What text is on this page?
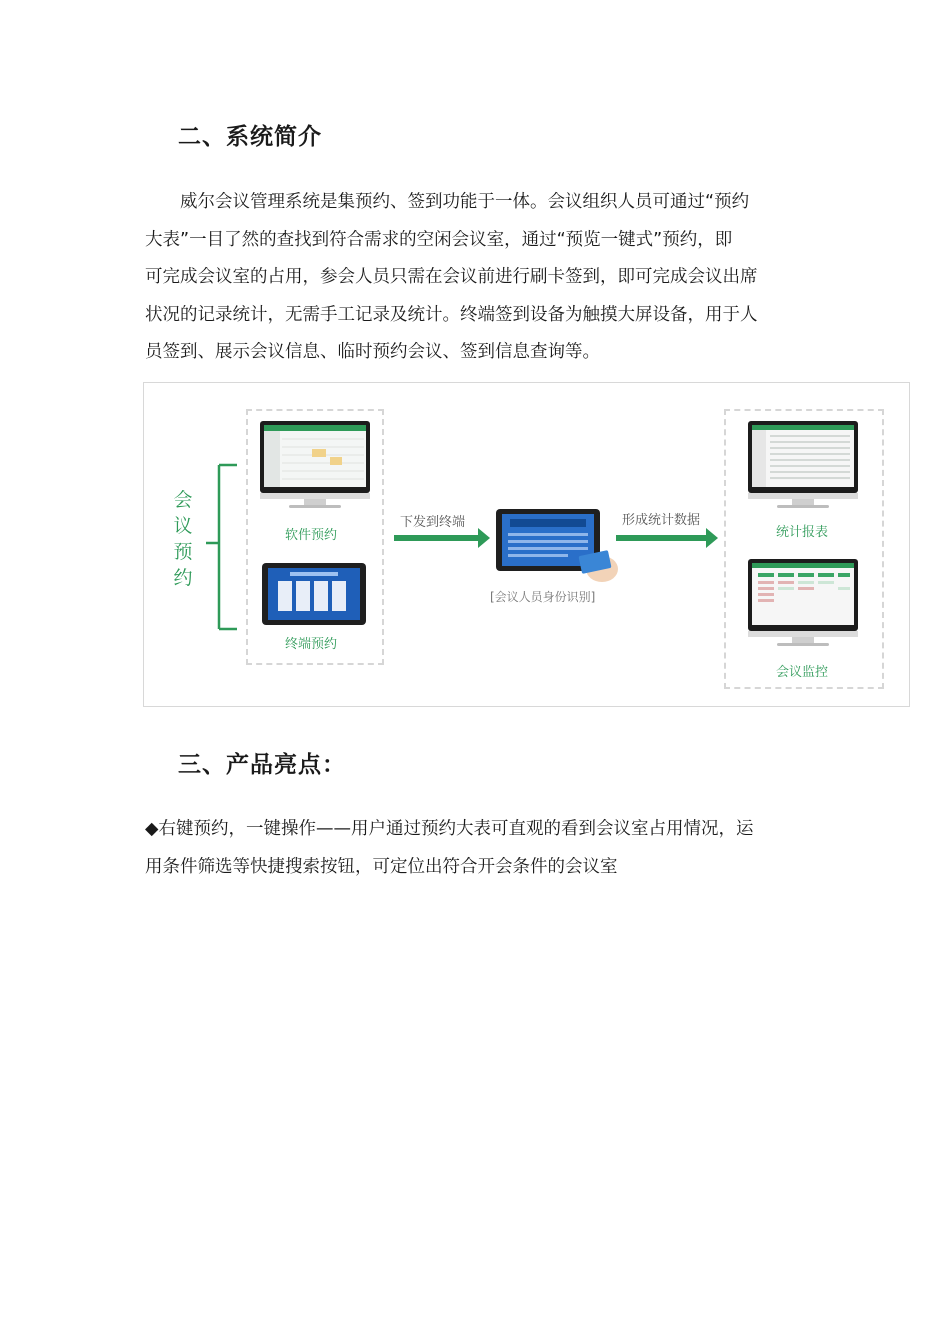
二、系统简介

威尔会议管理系统是集预约、签到功能于一体。会议组织人员可通过“预约
大表”一目了然的查找到符合需求的空闲会议室，通过“预览一键式”预约，即
可完成会议室的占用，参会人员只需在会议前进行刷卡签到，即可完成会议出席
状况的记录统计，无需手工记录及统计。终端签到设备为触摸大屏设备，用于人
员签到、展示会议信息、临时预约会议、签到信息查询等。

会
议
预
约
软件预约
终端预约
下发到终端	形成统计数据
[会议人员身份识别]
统计报表
会议监控
三、产品亮点：

◆右键预约，一键操作——用户通过预约大表可直观的看到会议室占用情况，运
用条件筛选等快捷搜索按钮，可定位出符合开会条件的会议室
